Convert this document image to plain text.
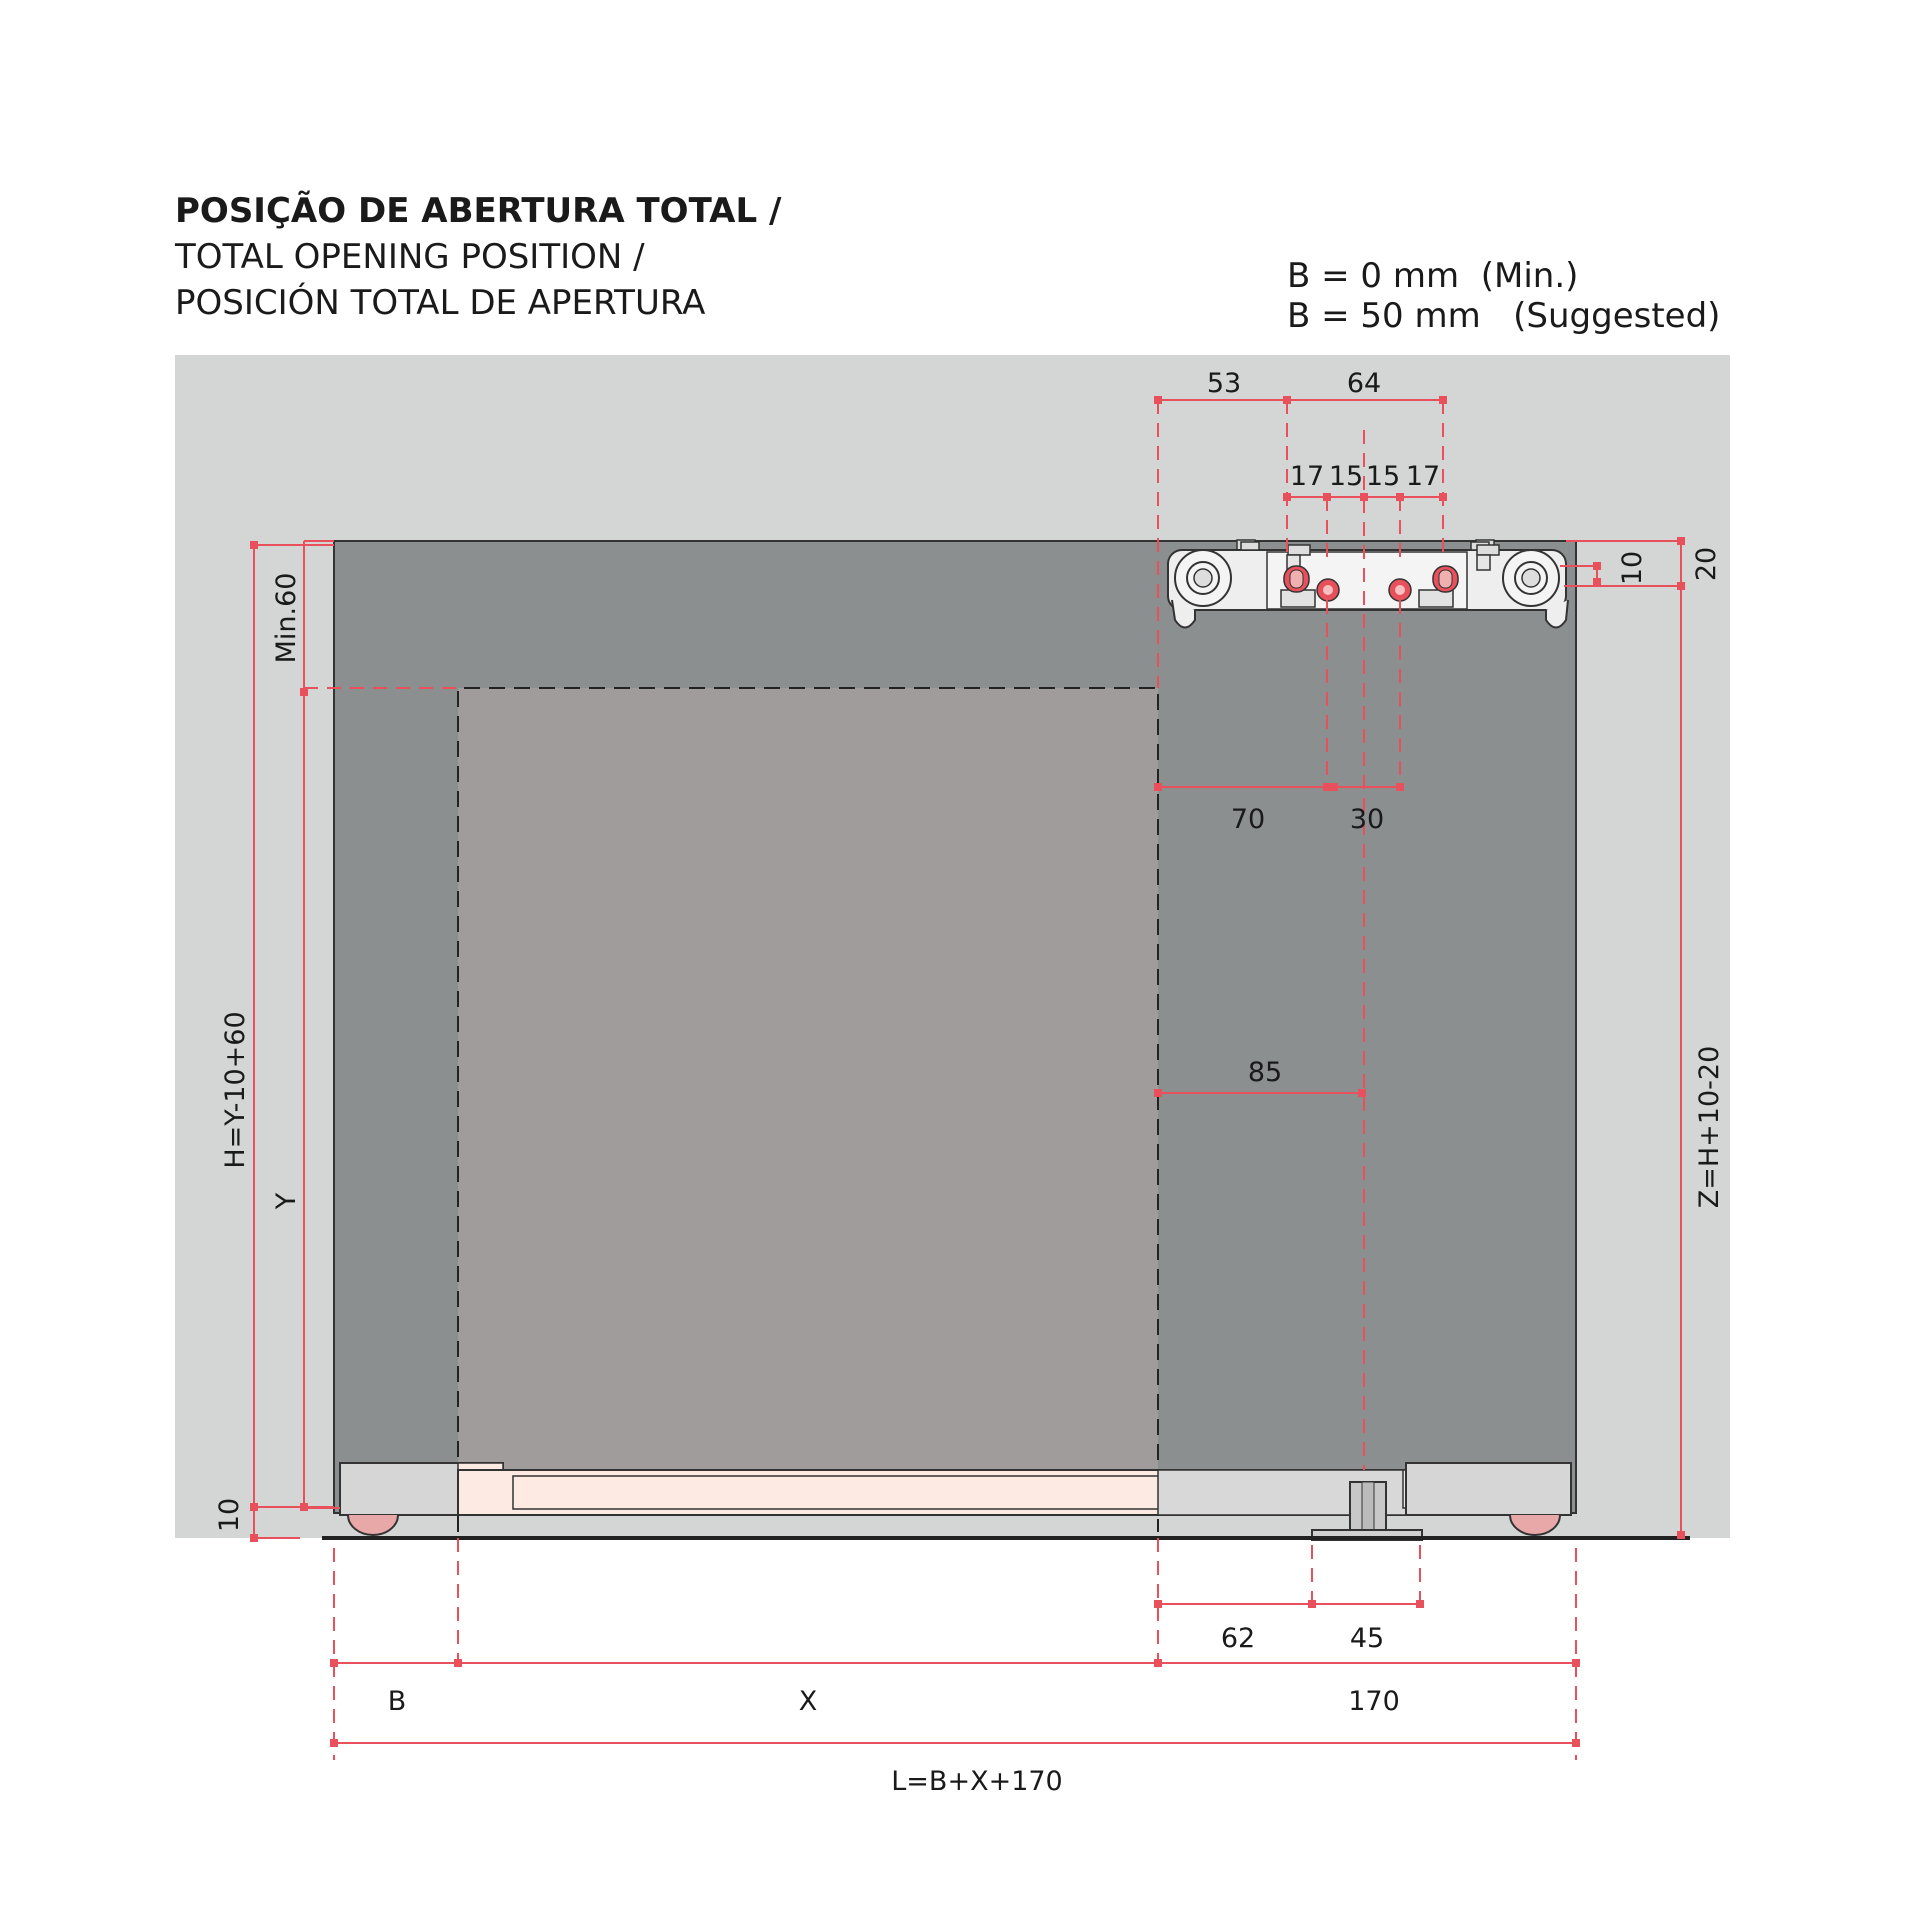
POSIÇÃO DE ABERTURA TOTAL /
TOTAL OPENING POSITION /
POSICIÓN TOTAL DE APERTURA
B = 0 mm  (Min.)
B = 50 mm   (Suggested)
53	64
17 15 15 17
70	30
85
62	45
B	X	170
L=B+X+170
10 20
Min.60
Y
H=Y-10+60	Z=H+10-20
10
